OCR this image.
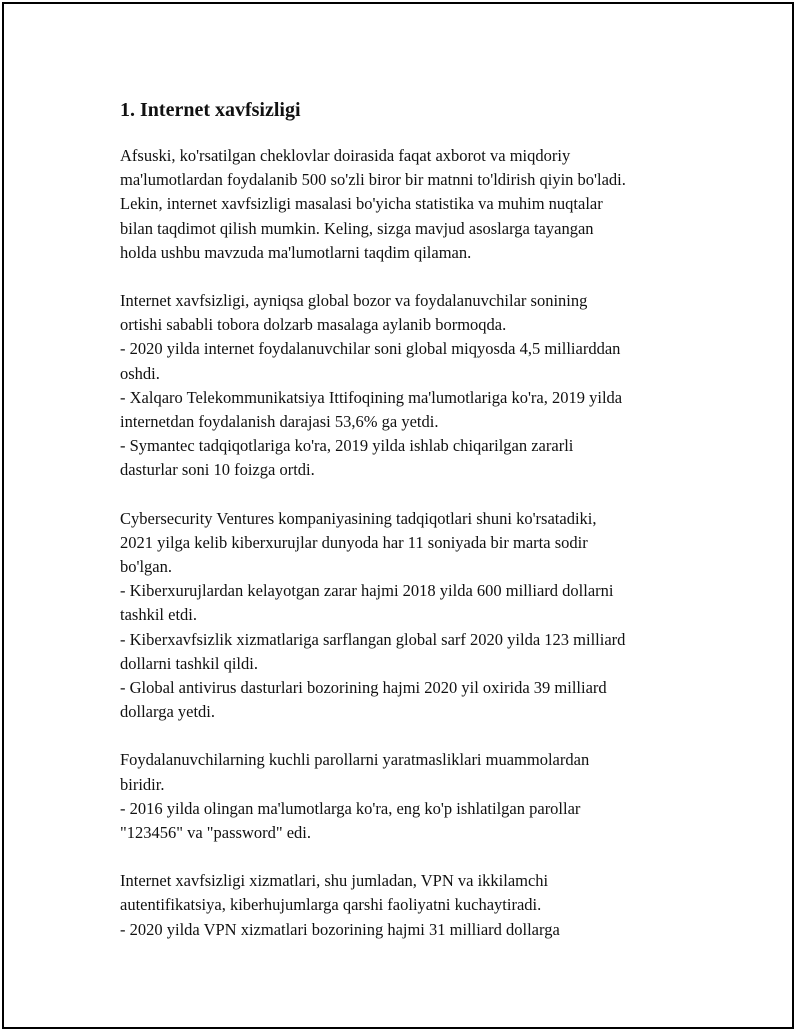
1. Internet xavfsizligi
Afsuski, ko'rsatilgan cheklovlar doirasida faqat axborot va miqdoriy
ma'lumotlardan foydalanib 500 so'zli biror bir matnni to'ldirish qiyin bo'ladi.
Lekin, internet xavfsizligi masalasi bo'yicha statistika va muhim nuqtalar
bilan taqdimot qilish mumkin. Keling, sizga mavjud asoslarga tayangan
holda ushbu mavzuda ma'lumotlarni taqdim qilaman.
Internet xavfsizligi, ayniqsa global bozor va foydalanuvchilar sonining
ortishi sababli tobora dolzarb masalaga aylanib bormoqda.
- 2020 yilda internet foydalanuvchilar soni global miqyosda 4,5 milliarddan
oshdi.
- Xalqaro Telekommunikatsiya Ittifoqining ma'lumotlariga ko'ra, 2019 yilda
internetdan foydalanish darajasi 53,6% ga yetdi.
- Symantec tadqiqotlariga ko'ra, 2019 yilda ishlab chiqarilgan zararli
dasturlar soni 10 foizga ortdi.
Cybersecurity Ventures kompaniyasining tadqiqotlari shuni ko'rsatadiki,
2021 yilga kelib kiberxurujlar dunyoda har 11 soniyada bir marta sodir
bo'lgan.
- Kiberxurujlardan kelayotgan zarar hajmi 2018 yilda 600 milliard dollarni
tashkil etdi.
- Kiberxavfsizlik xizmatlariga sarflangan global sarf 2020 yilda 123 milliard
dollarni tashkil qildi.
- Global antivirus dasturlari bozorining hajmi 2020 yil oxirida 39 milliard
dollarga yetdi.
Foydalanuvchilarning kuchli parollarni yaratmasliklari muammolardan
biridir.
- 2016 yilda olingan ma'lumotlarga ko'ra, eng ko'p ishlatilgan parollar
"123456" va "password" edi.
Internet xavfsizligi xizmatlari, shu jumladan, VPN va ikkilamchi
autentifikatsiya, kiberhujumlarga qarshi faoliyatni kuchaytiradi.
- 2020 yilda VPN xizmatlari bozorining hajmi 31 milliard dollarga
